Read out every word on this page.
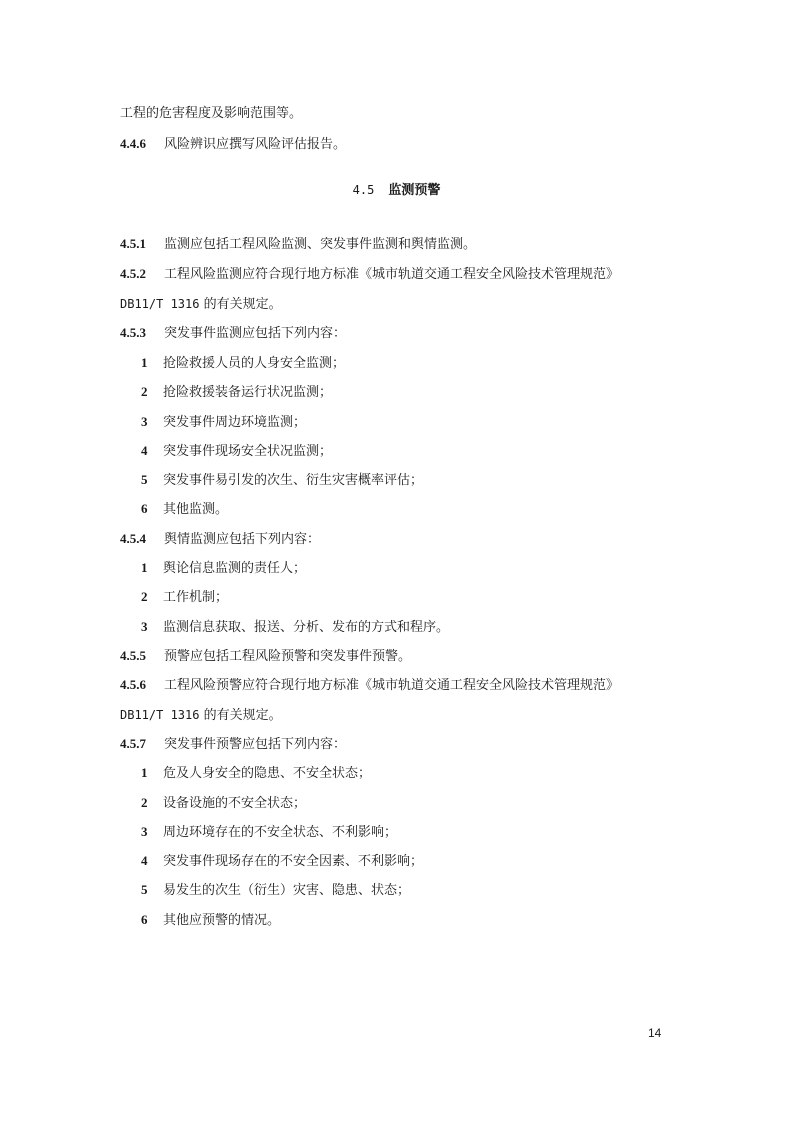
工程的危害程度及影响范围等。
4.4.6 风险辨识应撰写风险评估报告。
4.5 监测预警
4.5.1 监测应包括工程风险监测、突发事件监测和舆情监测。
4.5.2 工程风险监测应符合现行地方标准《城市轨道交通工程安全风险技术管理规范》
DB11/T 1316 的有关规定。
4.5.3 突发事件监测应包括下列内容：
1 抢险救援人员的人身安全监测；
2 抢险救援装备运行状况监测；
3 突发事件周边环境监测；
4 突发事件现场安全状况监测；
5 突发事件易引发的次生、衍生灾害概率评估；
6 其他监测。
4.5.4 舆情监测应包括下列内容：
1 舆论信息监测的责任人；
2 工作机制；
3 监测信息获取、报送、分析、发布的方式和程序。
4.5.5 预警应包括工程风险预警和突发事件预警。
4.5.6 工程风险预警应符合现行地方标准《城市轨道交通工程安全风险技术管理规范》
DB11/T 1316 的有关规定。
4.5.7 突发事件预警应包括下列内容：
1 危及人身安全的隐患、不安全状态；
2 设备设施的不安全状态；
3 周边环境存在的不安全状态、不利影响；
4 突发事件现场存在的不安全因素、不利影响；
5 易发生的次生（衍生）灾害、隐患、状态；
6 其他应预警的情况。
14
